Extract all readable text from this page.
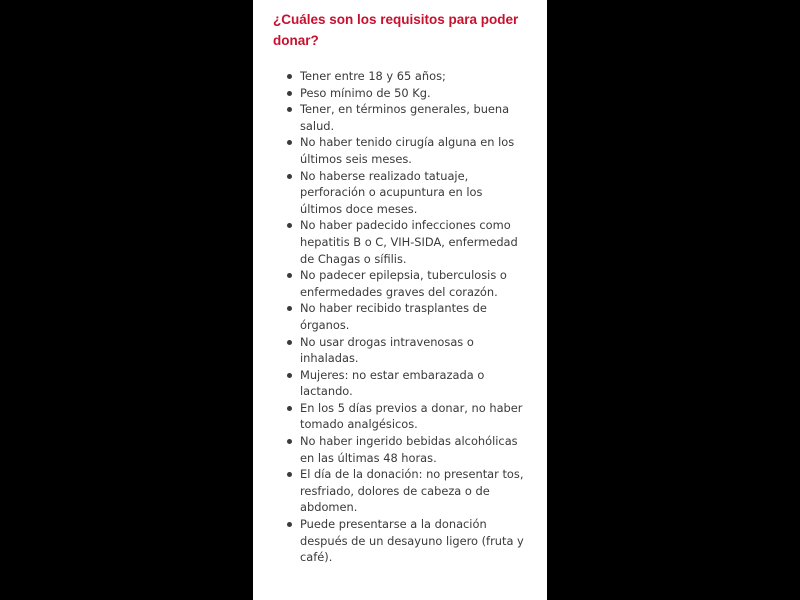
¿Cuáles son los requisitos para poder donar?
Tener entre 18 y 65 años;
Peso mínimo de 50 Kg.
Tener, en términos generales, buena salud.
No haber tenido cirugía alguna en los últimos seis meses.
No haberse realizado tatuaje, perforación o acupuntura en los últimos doce meses.
No haber padecido infecciones como hepatitis B o C, VIH-SIDA, enfermedad de Chagas o sífilis.
No padecer epilepsia, tuberculosis o enfermedades graves del corazón.
No haber recibido trasplantes de órganos.
No usar drogas intravenosas o inhaladas.
Mujeres: no estar embarazada o lactando.
En los 5 días previos a donar, no haber tomado analgésicos.
No haber ingerido bebidas alcohólicas en las últimas 48 horas.
El día de la donación: no presentar tos, resfriado, dolores de cabeza o de abdomen.
Puede presentarse a la donación después de un desayuno ligero (fruta y café).
